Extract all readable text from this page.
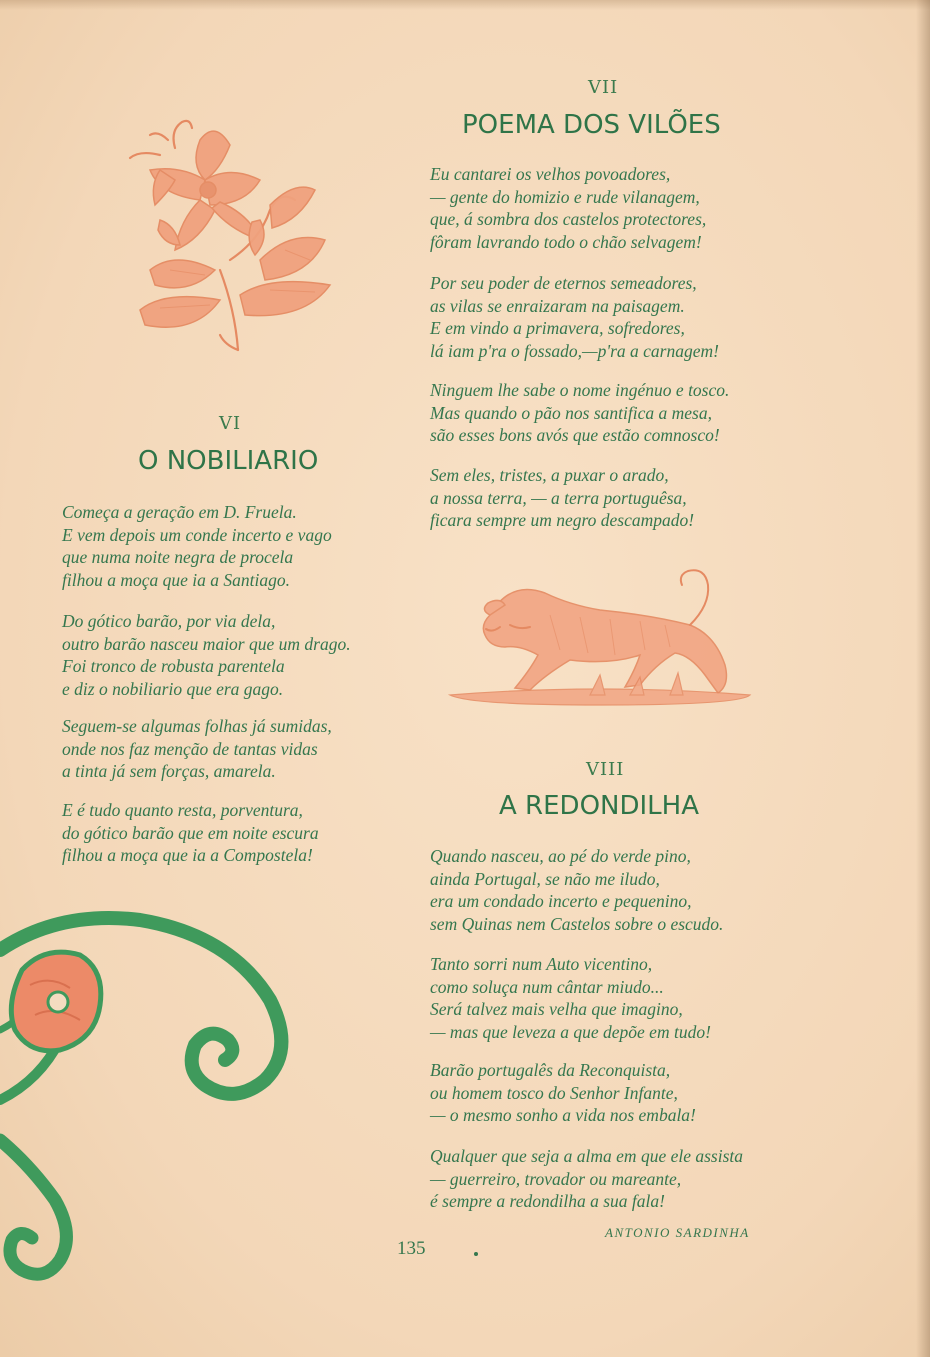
VI
O NOBILIARIO
Começa a geração em D. Fruela.
E vem depois um conde incerto e vago
que numa noite negra de procela
filhou a moça que ia a Santiago.
Do gótico barão, por via dela,
outro barão nasceu maior que um drago.
Foi tronco de robusta parentela
e diz o nobiliario que era gago.
Seguem-se algumas folhas já sumidas,
onde nos faz menção de tantas vidas
a tinta já sem forças, amarela.
E é tudo quanto resta, porventura,
do gótico barão que em noite escura
filhou a moça que ia a Compostela!
VII
POEMA DOS VILÕES
Eu cantarei os velhos povoadores,
— gente do homizio e rude vilanagem,
que, á sombra dos castelos protectores,
fôram lavrando todo o chão selvagem!
Por seu poder de eternos semeadores,
as vilas se enraizaram na paisagem.
E em vindo a primavera, sofredores,
lá iam p'ra o fossado,—p'ra a carnagem!
Ninguem lhe sabe o nome ingénuo e tosco.
Mas quando o pão nos santifica a mesa,
são esses bons avós que estão comnosco!
Sem eles, tristes, a puxar o arado,
a nossa terra, — a terra portuguêsa,
ficara sempre um negro descampado!
VIII
A REDONDILHA
Quando nasceu, ao pé do verde pino,
ainda Portugal, se não me iludo,
era um condado incerto e pequenino,
sem Quinas nem Castelos sobre o escudo.
Tanto sorri num Auto vicentino,
como soluça num cântar miudo...
Será talvez mais velha que imagino,
— mas que leveza a que depõe em tudo!
Barão portugalês da Reconquista,
ou homem tosco do Senhor Infante,
— o mesmo sonho a vida nos embala!
Qualquer que seja a alma em que ele assista
— guerreiro, trovador ou mareante,
é sempre a redondilha a sua fala!
ANTONIO SARDINHA
135
